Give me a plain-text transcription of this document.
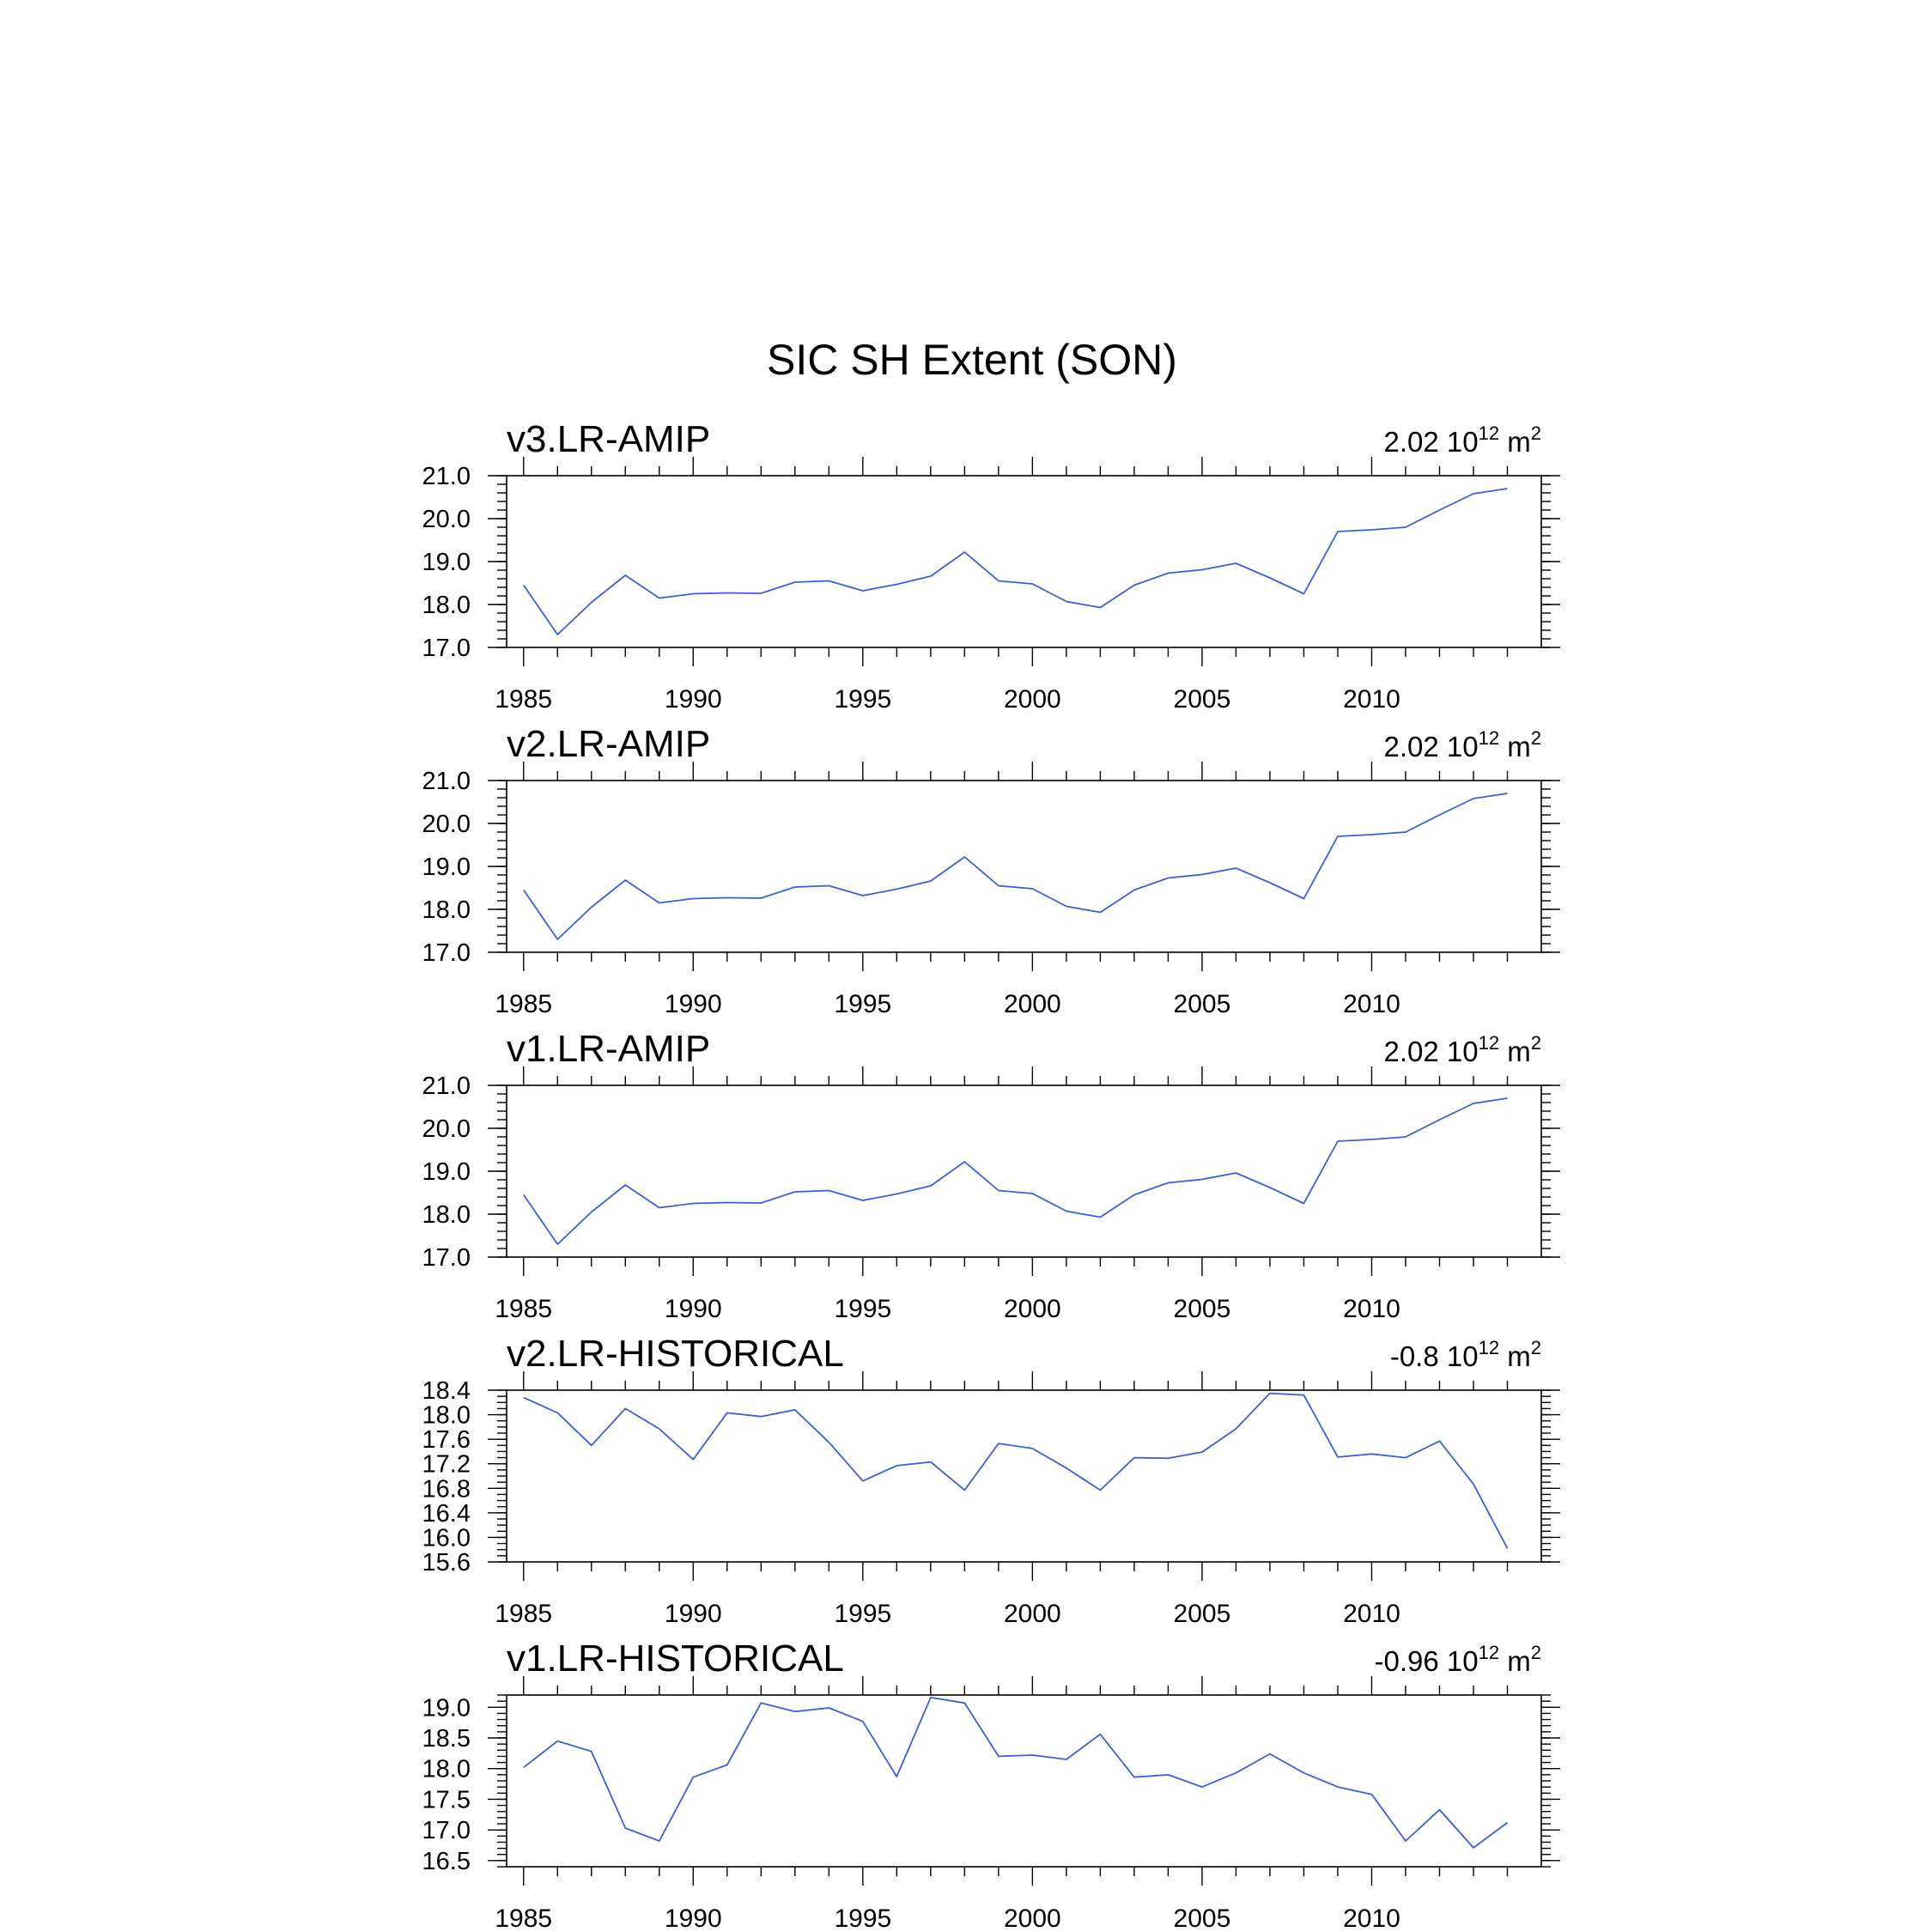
SIC SH Extent (SON)
v3.LR-AMIP	2.02 $10^{12}$ $m^2$
1985	1990	1995	2000	2005	2010
17.0
18.0
19.0
20.0
21.0
v2.LR-AMIP	2.02 $10^{12}$ $m^2$
1985	1990	1995	2000	2005	2010
17.0
18.0
19.0
20.0
21.0
v1.LR-AMIP	2.02 $10^{12}$ $m^2$
1985	1990	1995	2000	2005	2010
17.0
18.0
19.0
20.0
21.0
v2.LR-HISTORICAL	-0.8 $10^{12}$ $m^2$
1985	1990	1995	2000	2005	2010
15.6
16.0
16.4
16.8
17.2
17.6
18.0
18.4
v1.LR-HISTORICAL	-0.96 $10^{12}$ $m^2$
1985	1990	1995	2000	2005	2010
16.5
17.0
17.5
18.0
18.5
19.0
